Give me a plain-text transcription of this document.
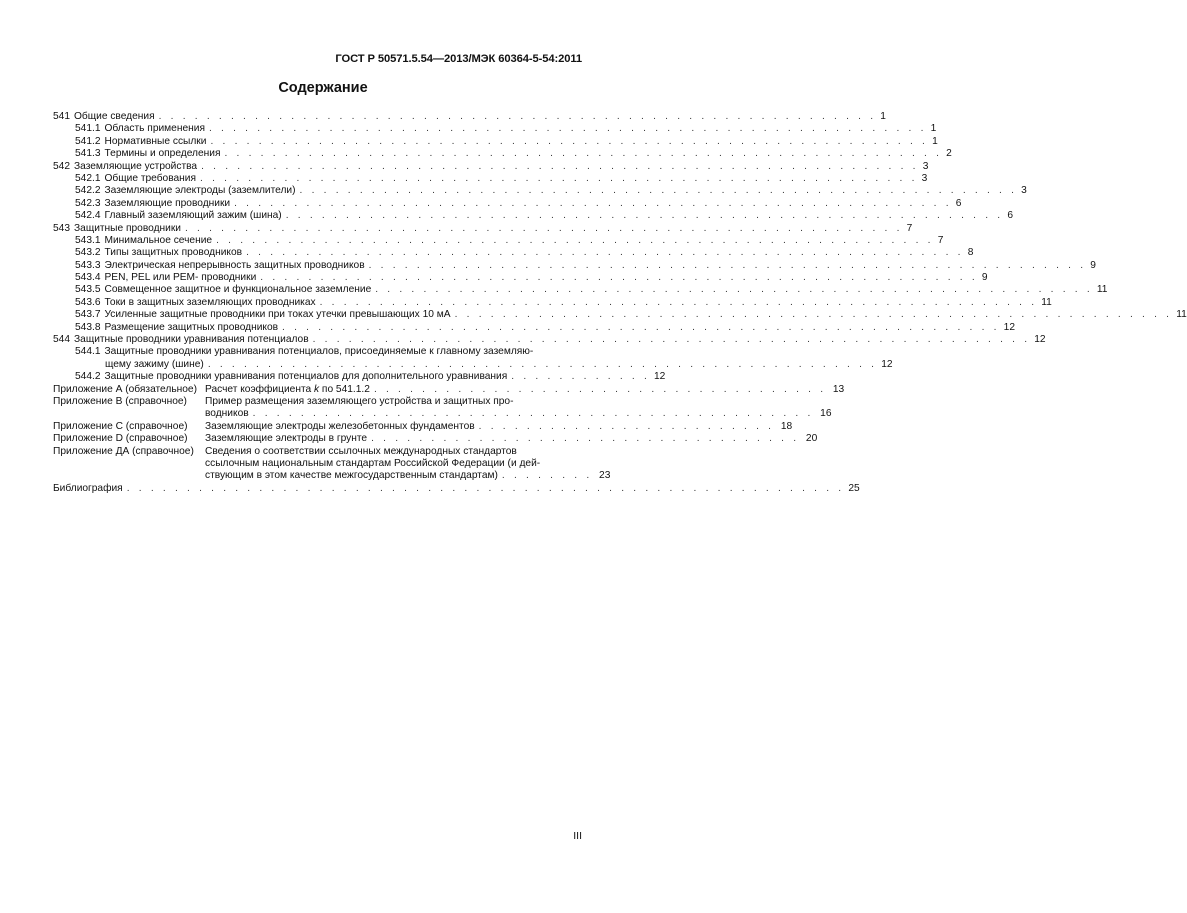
ГОСТ Р 50571.5.54—2013/МЭК 60364-5-54:2011
Содержание
541 Общие сведения . . . . . . . . . . . . . . . . . . . . . . . . . . . . . . . . . . . . . . . . . . . . . . . . . . . . . . . . . . . . 1
541.1 Область применения . . . . . . . . . . . . . . . . . . . . . . . . . . . . . . . . . . . . . . . . . . . . . . . . . . . . . . . . . . . . 1
541.2 Нормативные ссылки . . . . . . . . . . . . . . . . . . . . . . . . . . . . . . . . . . . . . . . . . . . . . . . . . . . . . . . . . . . . 1
541.3 Термины и определения . . . . . . . . . . . . . . . . . . . . . . . . . . . . . . . . . . . . . . . . . . . . . . . . . . . . . . . . . . . . 2
542 Заземляющие устройства . . . . . . . . . . . . . . . . . . . . . . . . . . . . . . . . . . . . . . . . . . . . . . . . . . . . . . . . . . . . 3
542.1 Общие требования . . . . . . . . . . . . . . . . . . . . . . . . . . . . . . . . . . . . . . . . . . . . . . . . . . . . . . . . . . . . 3
542.2 Заземляющие электроды (заземлители) . . . . . . . . . . . . . . . . . . . . . . . . . . . . . . . . . . . . . . . . . . . . . . . . . . . . . . . . . . . . 3
542.3 Заземляющие проводники . . . . . . . . . . . . . . . . . . . . . . . . . . . . . . . . . . . . . . . . . . . . . . . . . . . . . . . . . . . . 6
542.4 Главный заземляющий зажим (шина) . . . . . . . . . . . . . . . . . . . . . . . . . . . . . . . . . . . . . . . . . . . . . . . . . . . . . . . . . . . . 6
543 Защитные проводники . . . . . . . . . . . . . . . . . . . . . . . . . . . . . . . . . . . . . . . . . . . . . . . . . . . . . . . . . . . . 7
543.1 Минимальное сечение . . . . . . . . . . . . . . . . . . . . . . . . . . . . . . . . . . . . . . . . . . . . . . . . . . . . . . . . . . . . 7
543.2 Типы защитных проводников . . . . . . . . . . . . . . . . . . . . . . . . . . . . . . . . . . . . . . . . . . . . . . . . . . . . . . . . . . . . 8
543.3 Электрическая непрерывность защитных проводников . . . . . . . . . . . . . . . . . . . . . . . . . . . . . . . . . . . . . . . . . . . . . . . . . . . . . . . . . . . . 9
543.4 PEN, PEL или PEM- проводники . . . . . . . . . . . . . . . . . . . . . . . . . . . . . . . . . . . . . . . . . . . . . . . . . . . . . . . . . . . . 9
543.5 Совмещенное защитное и функциональное заземление . . . . . . . . . . . . . . . . . . . . . . . . . . . . . . . . . . . . . . . . . . . . . . . . . . . . . . . . . . . . 11
543.6 Токи в защитных заземляющих проводниках . . . . . . . . . . . . . . . . . . . . . . . . . . . . . . . . . . . . . . . . . . . . . . . . . . . . . . . . . . . . 11
543.7 Усиленные защитные проводники при токах утечки превышающих 10 мА . . . . . . . . . . . . . . . . . . . . . . . . . . . . . . . . . . . . . . . . . . . . . . . . . . . . . . . . . . . . 11
543.8 Размещение защитных проводников . . . . . . . . . . . . . . . . . . . . . . . . . . . . . . . . . . . . . . . . . . . . . . . . . . . . . . . . . . . . 12
544 Защитные проводники уравнивания потенциалов . . . . . . . . . . . . . . . . . . . . . . . . . . . . . . . . . . . . . . . . . . . . . . . . . . . . . . . . . . . . 12
544.1 Защитные проводники уравнивания потенциалов, присоединяемые к главному заземляю-
щему зажиму (шине) . . . . . . . . . . . . . . . . . . . . . . . . . . . . . . . . . . . . . . . . . . . . . . . . . . . . . . . . 12
544.2 Защитные проводники уравнивания потенциалов для дополнительного уравнивания . . . . . . . . . . . . 12
Приложение А (обязательное) Расчет коэффициента k по 541.1.2 . . . . . . . . . . . . . . . . . . . . . . . . . . . . . . . . . . . . . . 13
Приложение В (справочное)	Пример размещения заземляющего устройства и защитных про-
водников . . . . . . . . . . . . . . . . . . . . . . . . . . . . . . . . . . . . . . . . . . . . . . . 16
Приложение С (справочное)	Заземляющие электроды железобетонных фундаментов . . . . . . . . . . . . . . . . . . . . . . . . . 18
Приложение D (справочное)	Заземляющие электроды в грунте . . . . . . . . . . . . . . . . . . . . . . . . . . . . . . . . . . . . 20
Приложение ДА (справочное)	Сведения о соответствии ссылочных международных стандартов
ссылочным национальным стандартам Российской Федерации (и дей-
ствующим в этом качестве межгосударственным стандартам) . . . . . . . . 23
Библиография . . . . . . . . . . . . . . . . . . . . . . . . . . . . . . . . . . . . . . . . . . . . . . . . . . . . . . . . . . . . 25
III
